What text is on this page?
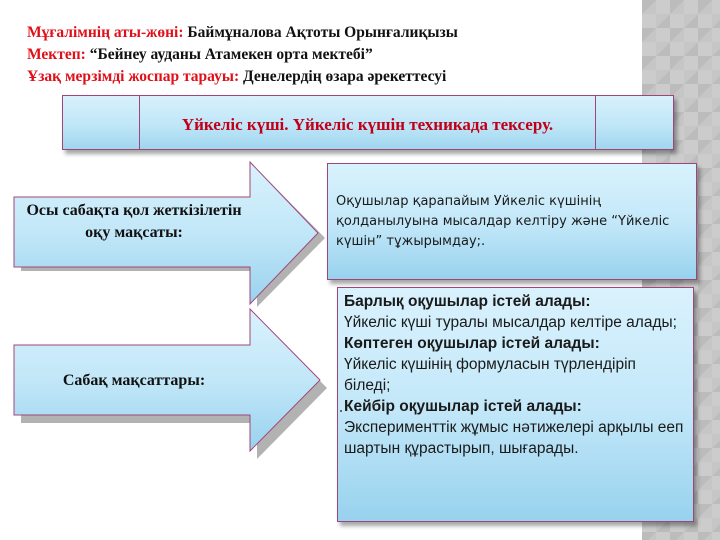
Мұғалімнің аты-жөні: Баймұналова Ақтоты Орынғалиқызы
Мектеп: “Бейнеу ауданы Атамекен орта мектебі”
Ұзақ мерзімді жоспар тарауы: Денелердің өзара әрекеттесуі
Үйкеліс күші. Үйкеліс күшін техникада тексеру.
Осы сабақта қол жеткізілетін оқу мақсаты:
Сабақ мақсаттары:
Оқушылар қарапайым Уйкеліс күшінің қолданылуына мысалдар келтіру және “Үйкеліс күшін” тұжырымдау;.

Барлық оқушылар істей алады:

Үйкеліс күші туралы мысалдар келтіре алады;

Көптеген оқушылар істей алады:

Үйкеліс күшінің формуласын түрлендіріп біледі;

Кейбір оқушылар істей алады:

Эксперименттік жұмыс нәтижелері арқылы ееп шартын құрастырып, шығарады.
